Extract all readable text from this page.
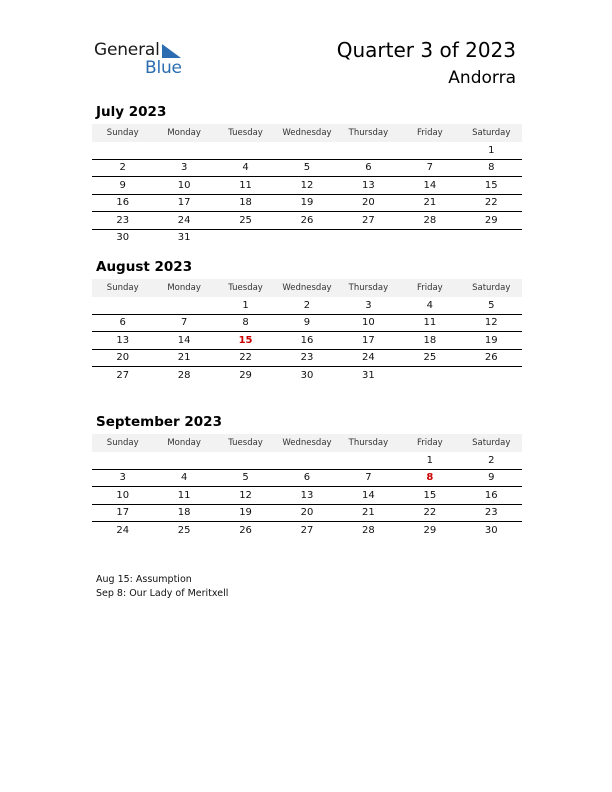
General
Blue
Quarter 3 of 2023
Andorra
July 2023
Sunday	Monday	Tuesday	Wednesday	Thursday	Friday	Saturday
						1
2	3	4	5	6	7	8
9	10	11	12	13	14	15
16	17	18	19	20	21	22
23	24	25	26	27	28	29
30	31					
August 2023
Sunday	Monday	Tuesday	Wednesday	Thursday	Friday	Saturday
		1	2	3	4	5
6	7	8	9	10	11	12
13	14	15	16	17	18	19
20	21	22	23	24	25	26
27	28	29	30	31		
September 2023
Sunday	Monday	Tuesday	Wednesday	Thursday	Friday	Saturday
					1	2
3	4	5	6	7	8	9
10	11	12	13	14	15	16
17	18	19	20	21	22	23
24	25	26	27	28	29	30
Aug 15: Assumption
Sep 8: Our Lady of Meritxell
